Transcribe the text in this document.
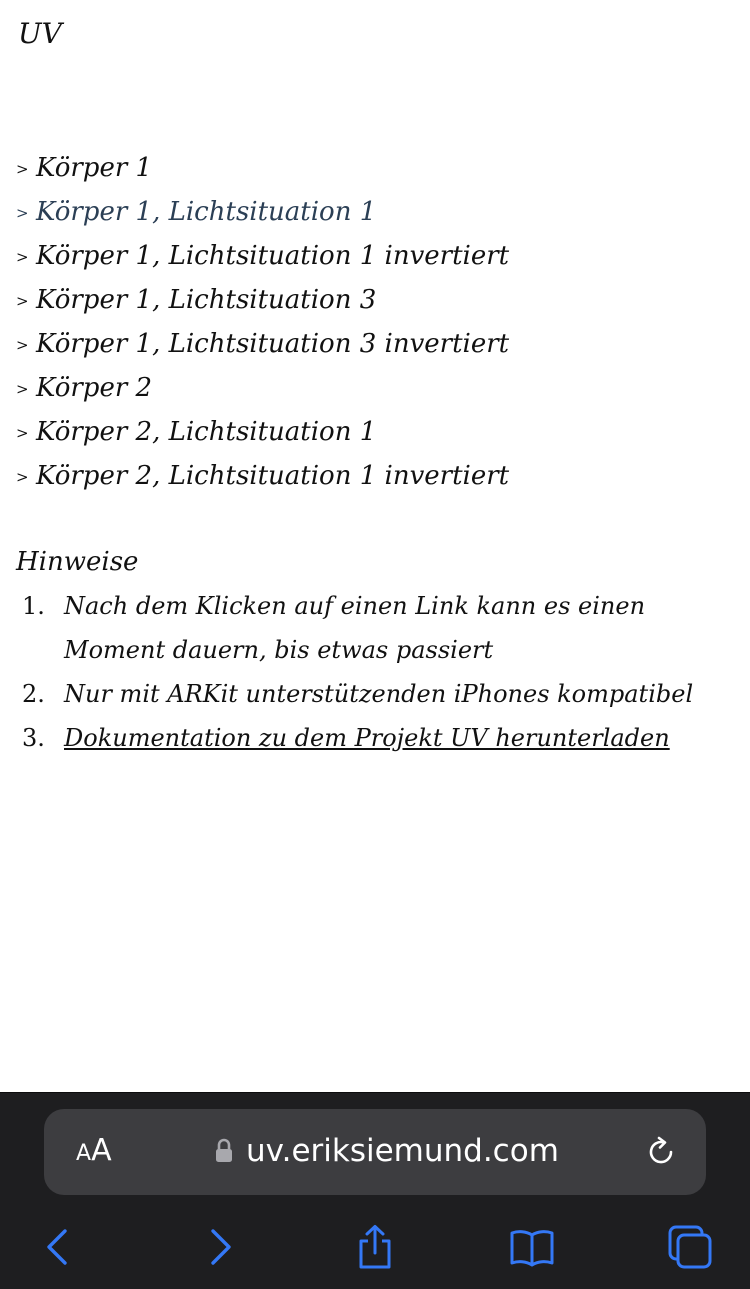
UV
> Körper 1
> Körper 1, Lichtsituation 1
> Körper 1, Lichtsituation 1 invertiert
> Körper 1, Lichtsituation 3
> Körper 1, Lichtsituation 3 invertiert
> Körper 2
> Körper 2, Lichtsituation 1
> Körper 2, Lichtsituation 1 invertiert
Hinweise
1. Nach dem Klicken auf einen Link kann es einen Moment dauern, bis etwas passiert
2. Nur mit ARKit unterstützenden iPhones kompatibel
3. Dokumentation zu dem Projekt UV herunterladen
AA	uv.eriksiemund.com
